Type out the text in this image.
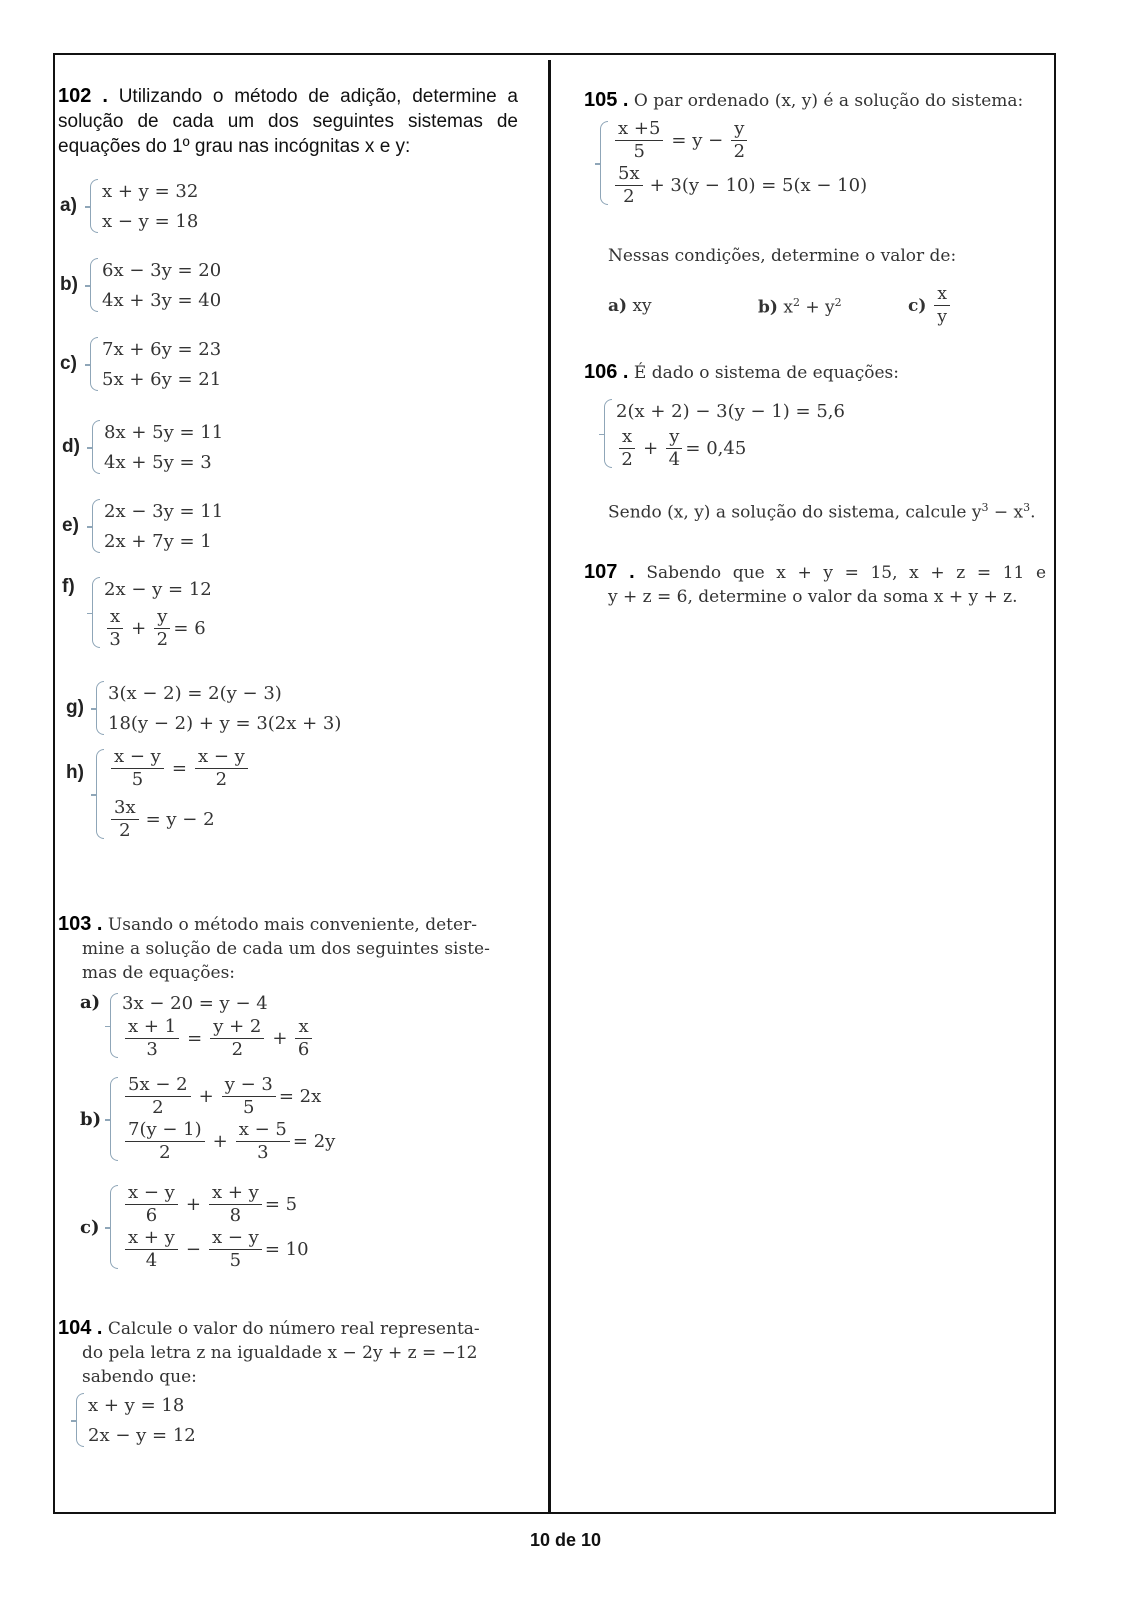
102 . Utilizando o método de adição, determine a solução de cada um dos seguintes sistemas de equações do 1º grau nas incógnitas x e y:
a)
x + y = 32
x − y = 18
b)
6x − 3y = 20
4x + 3y = 40
c)
7x + 6y = 23
5x + 6y = 21
d)
8x + 5y = 11
4x + 5y = 3
e)
2x − 3y = 11
2x + 7y = 1
f)	2x − y = 12
$\frac{x}{3} + \frac{y}{2} = 6$
g)
3(x − 2) = 2(y − 3)
18(y − 2) + y = 3(2x + 3)
h)	$\frac{x - y}{5} = \frac{x - y}{2}$
$\frac{3x}{2} = y - 2$
103 . Usando o método mais conveniente, deter-
mine a solução de cada um dos seguintes siste-
mas de equações:
a)	3x − 20 = y − 4
$\frac{x + 1}{3} = \frac{y + 2}{2} + \frac{x}{6}$
b)	$\frac{5x - 2}{2} + \frac{y - 3}{5} = 2x$
$\frac{7(y - 1)}{2} + \frac{x - 5}{3} = 2y$
c)	$\frac{x - y}{6} + \frac{x + y}{8} = 5$
$\frac{x + y}{4} - \frac{x - y}{5} = 10$
104 . Calcule o valor do número real representa-
do pela letra z na igualdade x − 2y + z = −12
sabendo que:
x + y = 18
2x − y = 12
105 . O par ordenado (x, y) é a solução do sistema:
$\frac{x +5}{5} = y - \frac{y}{2}$
$\frac{5x}{2} + 3(y - 10) = 5(x - 10)$
Nessas condições, determine o valor de:
a) xy	b) $x^2 + y^2$	$c) \frac{x}{y}$
106 . É dado o sistema de equações:
2(x + 2) − 3(y − 1) = 5,6
$\frac{x}{2} + \frac{y}{4} = 0,45$
Sendo (x, y) a solução do sistema, calcule $y^3 - x^3$.
107 . Sabendo que x + y = 15, x + z = 11 e
y + z = 6, determine o valor da soma x + y + z.
10 de 10
